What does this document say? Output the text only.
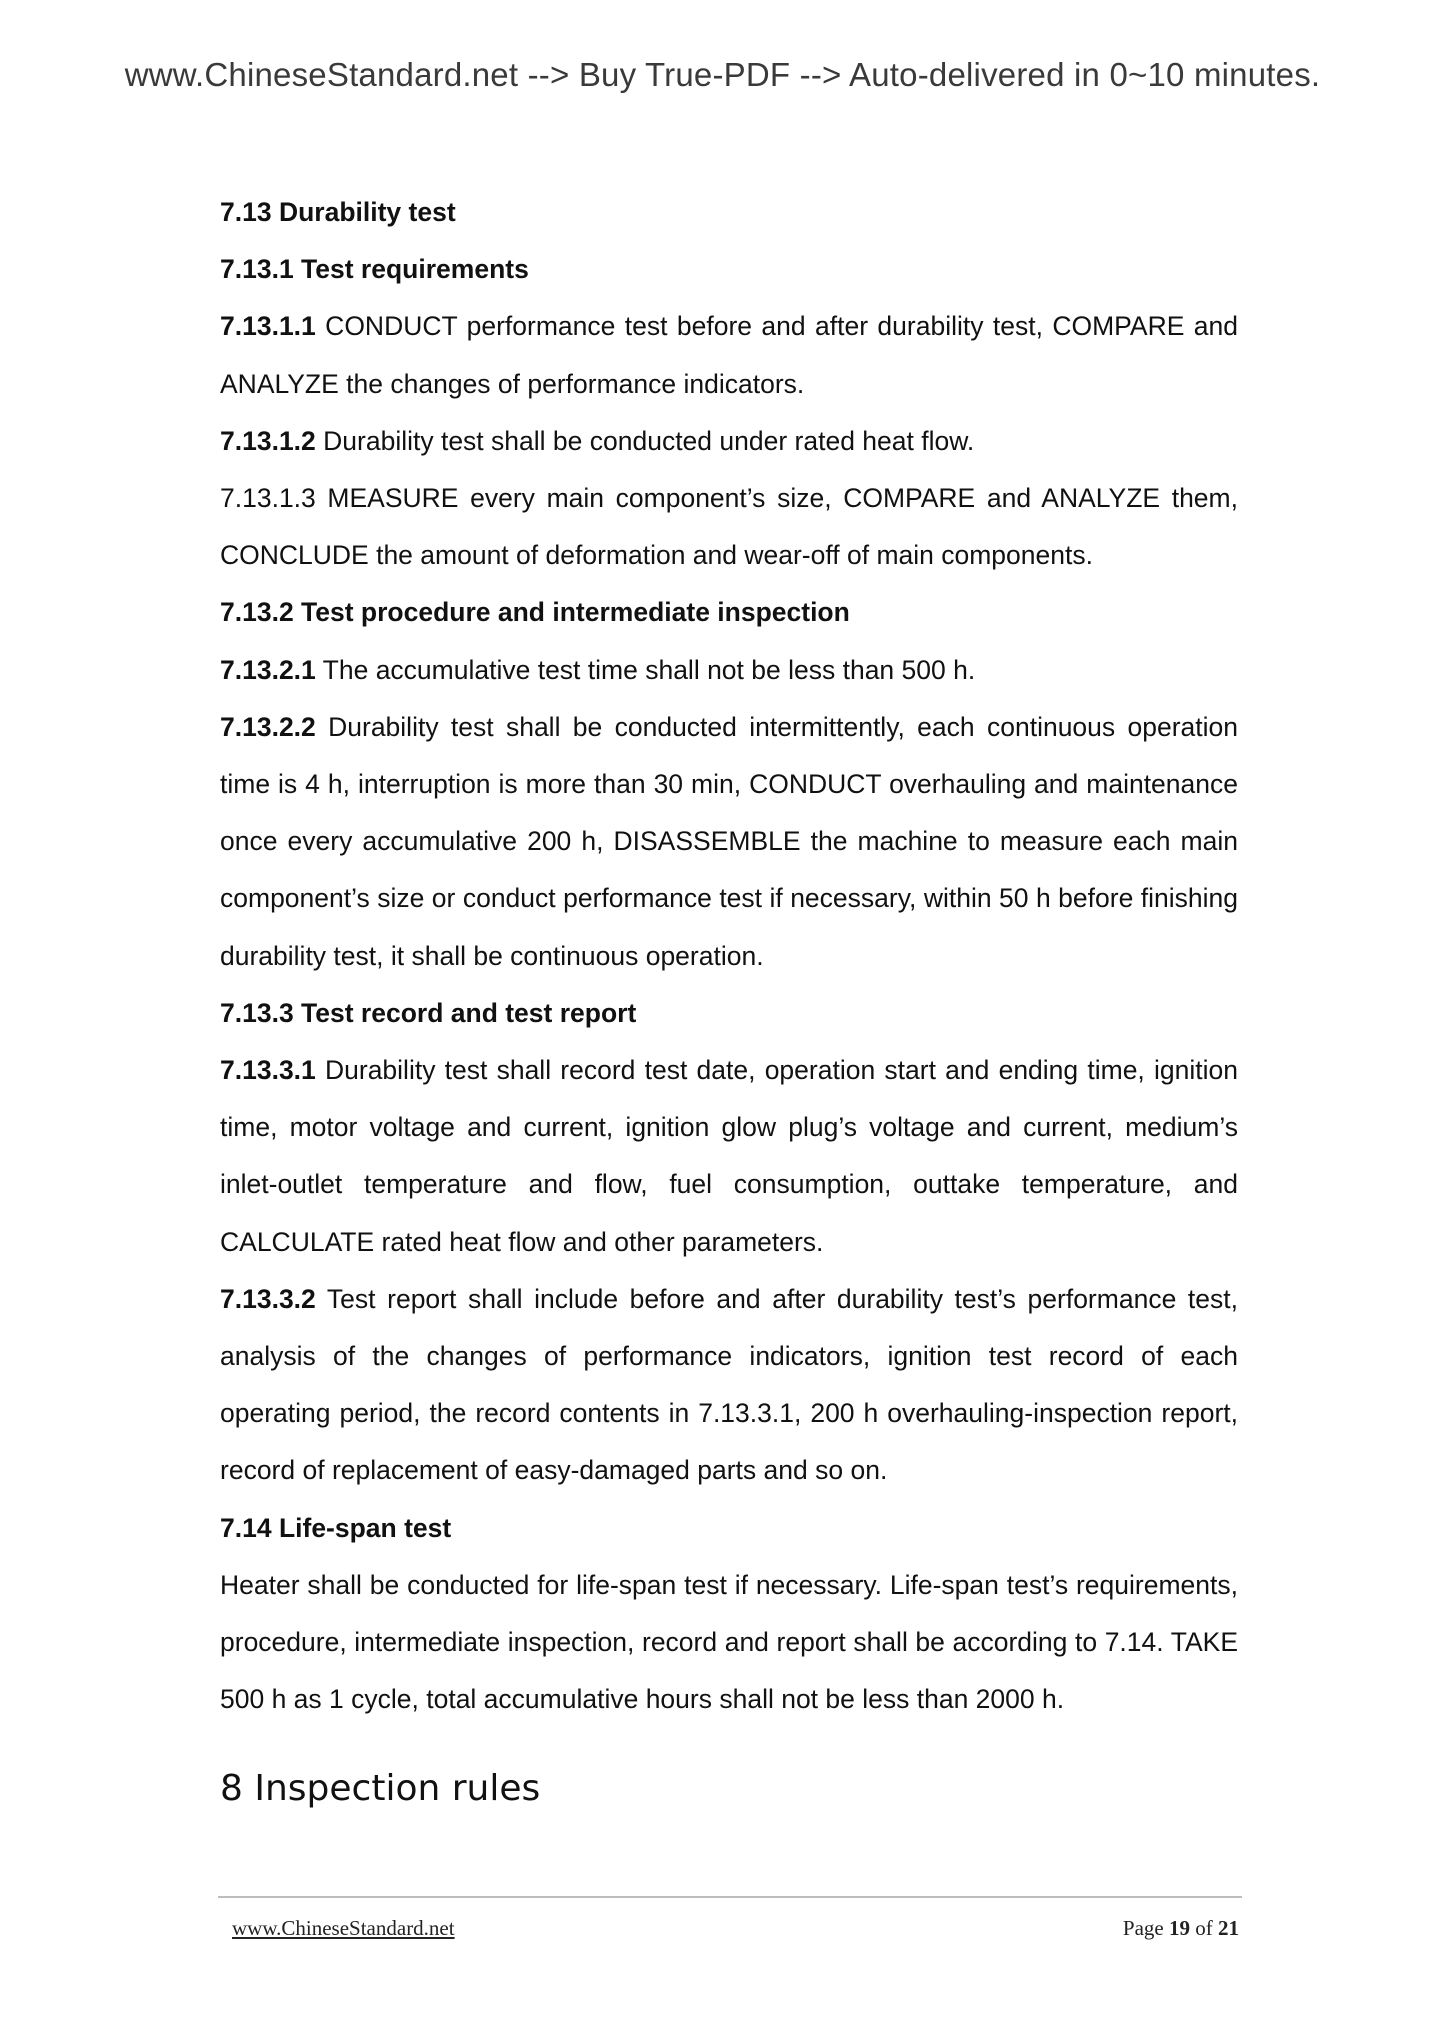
www.ChineseStandard.net --> Buy True-PDF --> Auto-delivered in 0~10 minutes.

7.13 Durability test

7.13.1 Test requirements

7.13.1.1 CONDUCT performance test before and after durability test, COMPARE and ANALYZE the changes of performance indicators.

7.13.1.2 Durability test shall be conducted under rated heat flow.

7.13.1.3 MEASURE every main component’s size, COMPARE and ANALYZE them, CONCLUDE the amount of deformation and wear-off of main components.

7.13.2 Test procedure and intermediate inspection

7.13.2.1 The accumulative test time shall not be less than 500 h.

7.13.2.2 Durability test shall be conducted intermittently, each continuous operation time is 4 h, interruption is more than 30 min, CONDUCT overhauling and maintenance once every accumulative 200 h, DISASSEMBLE the machine to measure each main component’s size or conduct performance test if necessary, within 50 h before finishing durability test, it shall be continuous operation.

7.13.3 Test record and test report

7.13.3.1 Durability test shall record test date, operation start and ending time, ignition time, motor voltage and current, ignition glow plug’s voltage and current, medium’s inlet-outlet temperature and flow, fuel consumption, outtake temperature, and CALCULATE rated heat flow and other parameters.

7.13.3.2 Test report shall include before and after durability test’s performance test, analysis of the changes of performance indicators, ignition test record of each operating period, the record contents in 7.13.3.1, 200 h overhauling-inspection report, record of replacement of easy-damaged parts and so on.

7.14 Life-span test

Heater shall be conducted for life-span test if necessary. Life-span test’s requirements, procedure, intermediate inspection, record and report shall be according to 7.14. TAKE 500 h as 1 cycle, total accumulative hours shall not be less than 2000 h.

8 Inspection rules
www.ChineseStandard.net	Page 19 of 21
